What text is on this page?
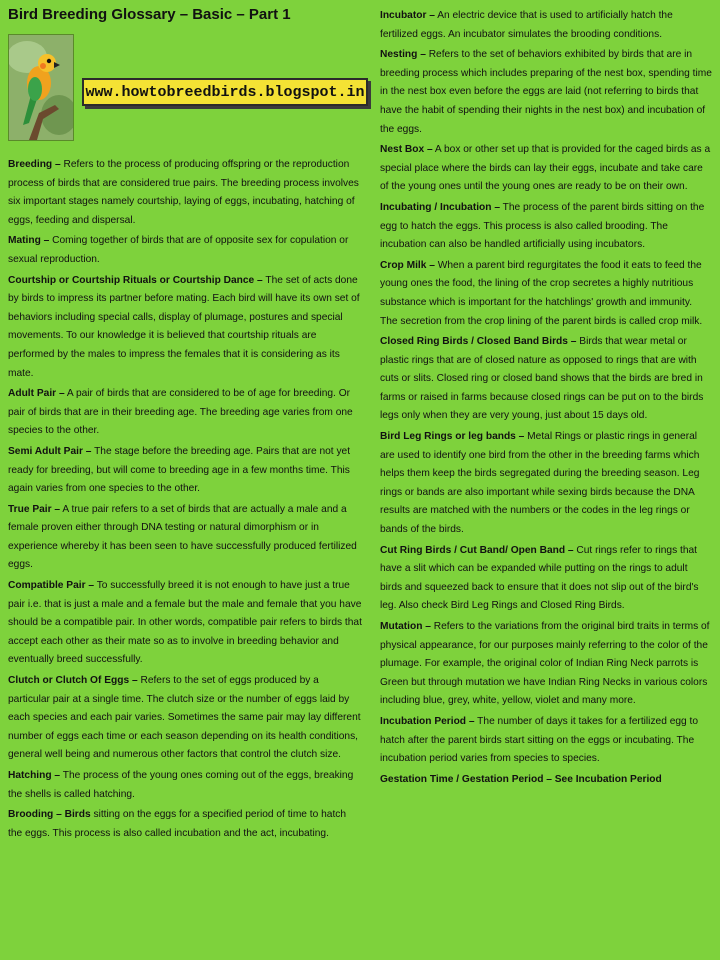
Bird Breeding Glossary – Basic – Part 1
www.howtobreedbirds.blogspot.in
Breeding – Refers to the process of producing offspring or the reproduction process of birds that are considered true pairs. The breeding process involves six important stages namely courtship, laying of eggs, incubating, hatching of eggs, feeding and dispersal.
Mating – Coming together of birds that are of opposite sex for copulation or sexual reproduction.
Courtship or Courtship Rituals or Courtship Dance – The set of acts done by birds to impress its partner before mating. Each bird will have its own set of behaviors including special calls, display of plumage, postures and special movements. To our knowledge it is believed that courtship rituals are performed by the males to impress the females that it is considering as its mate.
Adult Pair – A pair of birds that are considered to be of age for breeding. Or pair of birds that are in their breeding age. The breeding age varies from one species to the other.
Semi Adult Pair – The stage before the breeding age. Pairs that are not yet ready for breeding, but will come to breeding age in a few months time. This again varies from one species to the other.
True Pair – A true pair refers to a set of birds that are actually a male and a female proven either through DNA testing or natural dimorphism or in experience whereby it has been seen to have successfully produced fertilized eggs.
Compatible Pair – To successfully breed it is not enough to have just a true pair i.e. that is just a male and a female but the male and female that you have should be a compatible pair. In other words, compatible pair refers to birds that accept each other as their mate so as to involve in breeding behavior and eventually breed successfully.
Clutch or Clutch Of Eggs – Refers to the set of eggs produced by a particular pair at a single time. The clutch size or the number of eggs laid by each species and each pair varies. Sometimes the same pair may lay different number of eggs each time or each season depending on its health conditions, general well being and numerous other factors that control the clutch size.
Hatching – The process of the young ones coming out of the eggs, breaking the shells is called hatching.
Brooding – Birds sitting on the eggs for a specified period of time to hatch the eggs. This process is also called incubation and the act, incubating.
Incubator – An electric device that is used to artificially hatch the fertilized eggs. An incubator simulates the brooding conditions.
Nesting – Refers to the set of behaviors exhibited by birds that are in breeding process which includes preparing of the nest box, spending time in the nest box even before the eggs are laid (not referring to birds that have the habit of spending their nights in the nest box) and incubation of the eggs.
Nest Box – A box or other set up that is provided for the caged birds as a special place where the birds can lay their eggs, incubate and take care of the young ones until the young ones are ready to be on their own.
Incubating / Incubation – The process of the parent birds sitting on the egg to hatch the eggs. This process is also called brooding. The incubation can also be handled artificially using incubators.
Crop Milk – When a parent bird regurgitates the food it eats to feed the young ones the food, the lining of the crop secretes a highly nutritious substance which is important for the hatchlings' growth and immunity. The secretion from the crop lining of the parent birds is called crop milk.
Closed Ring Birds / Closed Band Birds – Birds that wear metal or plastic rings that are of closed nature as opposed to rings that are with cuts or slits. Closed ring or closed band shows that the birds are bred in farms or raised in farms because closed rings can be put on to the birds legs only when they are very young, just about 15 days old.
Bird Leg Rings or leg bands – Metal Rings or plastic rings in general are used to identify one bird from the other in the breeding farms which helps them keep the birds segregated during the breeding season. Leg rings or bands are also important while sexing birds because the DNA results are matched with the numbers or the codes in the leg rings or bands of the birds.
Cut Ring Birds / Cut Band/ Open Band – Cut rings refer to rings that have a slit which can be expanded while putting on the rings to adult birds and squeezed back to ensure that it does not slip out of the bird's leg. Also check Bird Leg Rings and Closed Ring Birds.
Mutation – Refers to the variations from the original bird traits in terms of physical appearance, for our purposes mainly referring to the color of the plumage. For example, the original color of Indian Ring Neck parrots is Green but through mutation we have Indian Ring Necks in various colors including blue, grey, white, yellow, violet and many more.
Incubation Period – The number of days it takes for a fertilized egg to hatch after the parent birds start sitting on the eggs or incubating. The incubation period varies from species to species.
Gestation Time / Gestation Period – See Incubation Period
